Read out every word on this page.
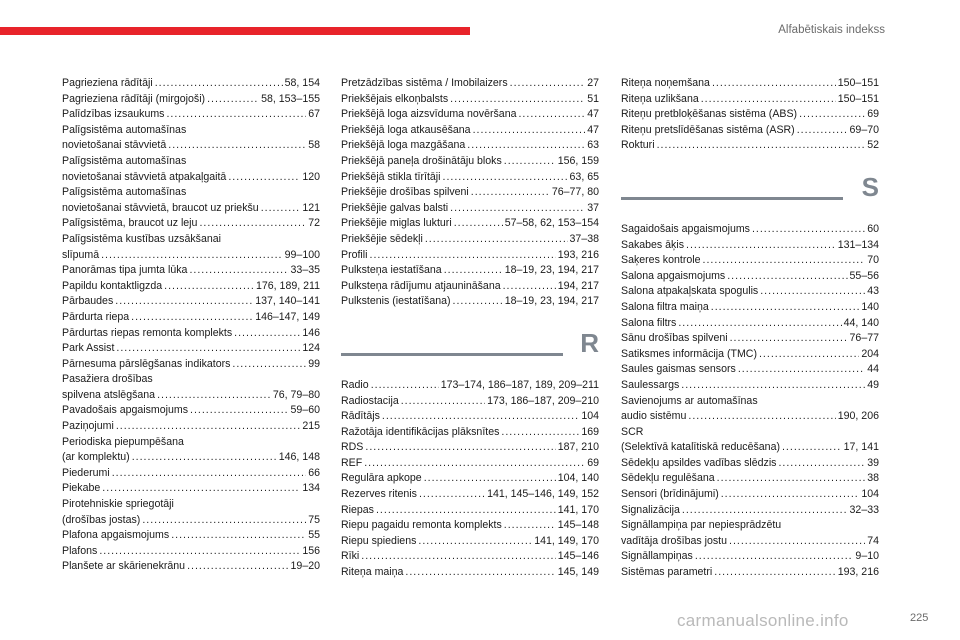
Alfabētiskais indekss
Pagrieziena rādītāji .....	58, 154
Pagrieziena rādītāji (mirgojoši) .....	58, 153–155
Palīdzības izsaukums .....	67
Palīgsistēma automašīnas
novietošanai stāvvietā .....	58
Palīgsistēma automašīnas
novietošanai stāvvietā atpakaļgaitā .....	120
Palīgsistēma automašīnas
novietošanai stāvvietā, braucot uz priekšu .....	121
Palīgsistēma, braucot uz leju .....	72
Palīgsistēma kustības uzsākšanai
slīpumā .....	99–100
Panorāmas tipa jumta lūka .....	33–35
Papildu kontaktligzda .....	176, 189, 211
Pārbaudes .....	137, 140–141
Pārdurta riepa .....	146–147, 149
Pārdurtas riepas remonta komplekts .....	146
Park Assist .....	124
Pārnesuma pārslēgšanas indikators .....	99
Pasažiera drošības
spilvena atslēgšana .....	76, 79–80
Pavadošais apgaismojums .....	59–60
Paziņojumi .....	215
Periodiska piepumpēšana
(ar komplektu) .....	146, 148
Piederumi .....	66
Piekabe .....	134
Pirotehniskie spriegotāji
(drošības jostas) .....	75
Plafona apgaismojums .....	55
Plafons .....	156
Planšete ar skārienekrānu .....	19–20
Pretzādzības sistēma / Imobilaizers .....	27
Priekšējais elkoņbalsts .....	51
Priekšējā loga aizsvīduma novēršana .....	47
Priekšējā loga atkausēšana .....	47
Priekšējā loga mazgāšana .....	63
Priekšējā paneļa drošinātāju bloks .....	156, 159
Priekšējā stikla tīrītāji .....	63, 65
Priekšējie drošības spilveni .....	76–77, 80
Priekšējie galvas balsti .....	37
Priekšējie miglas lukturi .....	57–58, 62, 153–154
Priekšējie sēdekļi .....	37–38
Profili .....	193, 216
Pulksteņa iestatīšana .....	18–19, 23, 194, 217
Pulksteņa rādījumu atjaunināšana .....	194, 217
Pulkstenis (iestatīšana) .....	18–19, 23, 194, 217
R
Radio .....	173–174, 186–187, 189, 209–211
Radiostacija .....	173, 186–187, 209–210
Rādītājs .....	104
Ražotāja identifikācijas plāksnītes .....	169
RDS .....	187, 210
REF .....	69
Regulāra apkope .....	104, 140
Rezerves ritenis .....	141, 145–146, 149, 152
Riepas .....	141, 170
Riepu pagaidu remonta komplekts .....	145–148
Riepu spiediens .....	141, 149, 170
Rīki .....	145–146
Riteņa maiņa .....	145, 149
Riteņa noņemšana .....	150–151
Riteņa uzlikšana .....	150–151
Riteņu pretbloķēšanas sistēma (ABS) .....	69
Riteņu pretslīdēšanas sistēma (ASR) .....	69–70
Rokturi .....	52
S
Sagaidošais apgaismojums .....	60
Sakabes āķis .....	131–134
Saķeres kontrole .....	70
Salona apgaismojums .....	55–56
Salona atpakaļskata spogulis .....	43
Salona filtra maiņa .....	140
Salona filtrs .....	44, 140
Sānu drošības spilveni .....	76–77
Satiksmes informācija (TMC) .....	204
Saules gaismas sensors .....	44
Saulessargs .....	49
Savienojums ar automašīnas
audio sistēmu .....	190, 206
SCR
(Selektīvā katalītiskā reducēšana) .....	17, 141
Sēdekļu apsildes vadības slēdzis .....	39
Sēdekļu regulēšana .....	38
Sensori (brīdinājumi) .....	104
Signalizācija .....	32–33
Signāllampiņa par nepiesprādzētu
vadītāja drošības jostu .....	74
Signāllampiņas .....	9–10
Sistēmas parametri .....	193, 216
carmanualsonline.info	225
